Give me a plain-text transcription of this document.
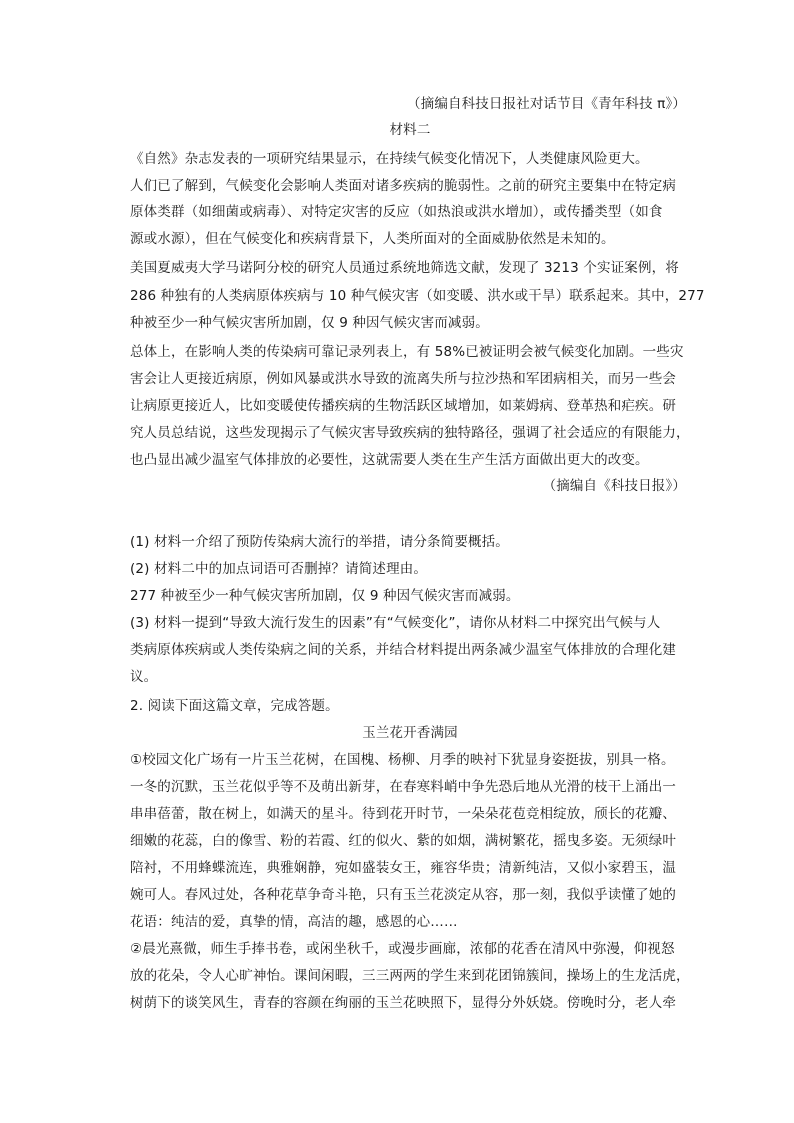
（摘编自科技日报社对话节目《青年科技 π》）
材料二
《自然》杂志发表的一项研究结果显示，在持续气候变化情况下，人类健康风险更大。
人们已了解到，气候变化会影响人类面对诸多疾病的脆弱性。之前的研究主要集中在特定病
原体类群（如细菌或病毒）、对特定灾害的反应（如热浪或洪水增加），或传播类型（如食
源或水源），但在气候变化和疾病背景下，人类所面对的全面威胁依然是未知的。
美国夏威夷大学马诺阿分校的研究人员通过系统地筛选文献，发现了 3213 个实证案例，将
286 种独有的人类病原体疾病与 10 种气候灾害（如变暖、洪水或干旱）联系起来。其中，277
种被至少一种气候灾害所加剧，仅 9 种因气候灾害而减弱。
总体上，在影响人类的传染病可靠记录列表上，有 58%已被证明会被气候变化加剧。一些灾
害会让人更接近病原，例如风暴或洪水导致的流离失所与拉沙热和军团病相关，而另一些会
让病原更接近人，比如变暖使传播疾病的生物活跃区域增加，如莱姆病、登革热和疟疾。研
究人员总结说，这些发现揭示了气候灾害导致疾病的独特路径，强调了社会适应的有限能力，
也凸显出减少温室气体排放的必要性，这就需要人类在生产生活方面做出更大的改变。
（摘编自《科技日报》）
(1) 材料一介绍了预防传染病大流行的举措，请分条简要概括。
(2) 材料二中的加点词语可否删掉？请简述理由。
277 种被至少一种气候灾害所加剧，仅 9 种因气候灾害而减弱。
(3) 材料一提到“导致大流行发生的因素”有“气候变化”，请你从材料二中探究出气候与人
类病原体疾病或人类传染病之间的关系，并结合材料提出两条减少温室气体排放的合理化建
议。
2. 阅读下面这篇文章，完成答题。
玉兰花开香满园
①校园文化广场有一片玉兰花树，在国槐、杨柳、月季的映衬下犹显身姿挺拔，别具一格。
一冬的沉默，玉兰花似乎等不及萌出新芽，在春寒料峭中争先恐后地从光滑的枝干上涌出一
串串蓓蕾，散在树上，如满天的星斗。待到花开时节，一朵朵花苞竞相绽放，颀长的花瓣、
细嫩的花蕊，白的像雪、粉的若霞、红的似火、紫的如烟，满树繁花，摇曳多姿。无须绿叶
陪衬，不用蜂蝶流连，典雅娴静，宛如盛装女王，雍容华贵；清新纯洁，又似小家碧玉，温
婉可人。春风过处，各种花草争奇斗艳，只有玉兰花淡定从容，那一刻，我似乎读懂了她的
花语：纯洁的爱，真挚的情，高洁的趣，感恩的心……
②晨光熹微，师生手捧书卷，或闲坐秋千，或漫步画廊，浓郁的花香在清风中弥漫，仰视怒
放的花朵，令人心旷神怡。课间闲暇，三三两两的学生来到花团锦簇间，操场上的生龙活虎，
树荫下的谈笑风生，青春的容颜在绚丽的玉兰花映照下，显得分外妖娆。傍晚时分，老人牵
